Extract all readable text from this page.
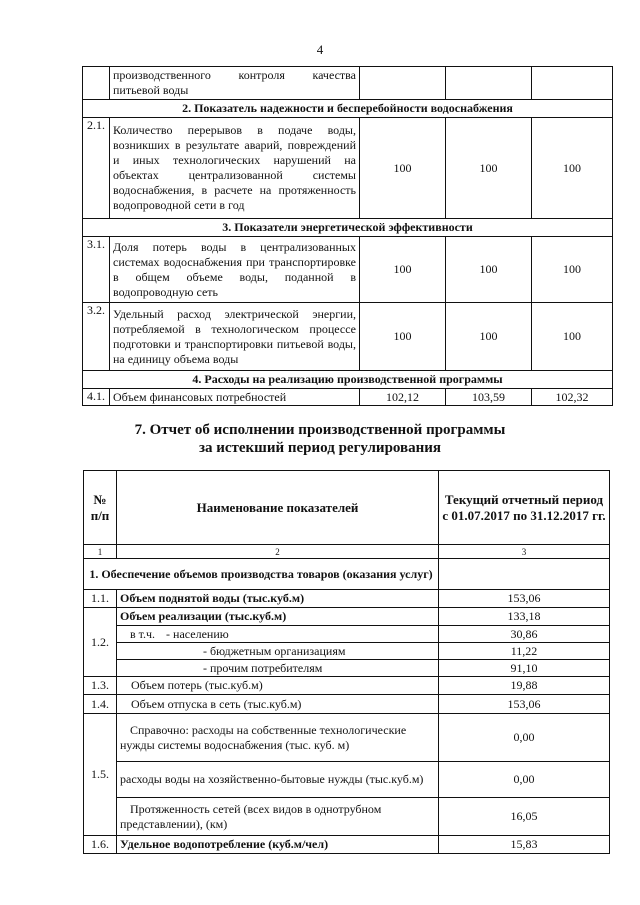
4
	производственного контроля качества питьевой воды			
2. Показатель надежности и бесперебойности водоснабжения				
2.1.	Количество перерывов в подаче воды, возникших в результате аварий, повреждений и иных технологических нарушений на объектах централизованной системы водоснабжения, в расчете на протяженность водопроводной сети в год	100	100	100
3. Показатели энергетической эффективности				
3.1.	Доля потерь воды в централизованных системах водоснабжения при транспортировке в общем объеме воды, поданной в водопроводную сеть	100	100	100
3.2.	Удельный расход электрической энергии, потребляемой в технологическом процессе подготовки и транспортировки питьевой воды, на единицу объема воды	100	100	100
4. Расходы на реализацию производственной программы				
4.1.	Объем финансовых потребностей	102,12	103,59	102,32
7. Отчет об исполнении производственной программы
за истекший период регулирования
№ п/п	Наименование показателей	Текущий отчетный период с 01.07.2017 по 31.12.2017 гг.
1	2	3
1. Обеспечение объемов производства товаров (оказания услуг)		
1.1.	Объем поднятой воды (тыс.куб.м)	153,06
1.2.	Объем реализации (тыс.куб.м)	133,18
	в т.ч. - населению	30,86
	- бюджетным организациям	11,22
	- прочим потребителям	91,10
1.3.	Объем потерь (тыс.куб.м)	19,88
1.4.	Объем отпуска в сеть (тыс.куб.м)	153,06
1.5.	Справочно: расходы на собственные технологические нужды системы водоснабжения (тыс. куб. м)	0,00
	расходы воды на хозяйственно-бытовые нужды (тыс.куб.м)	0,00
	Протяженность сетей (всех видов в однотрубном представлении), (км)	16,05
1.6.	Удельное водопотребление (куб.м/чел)	15,83
